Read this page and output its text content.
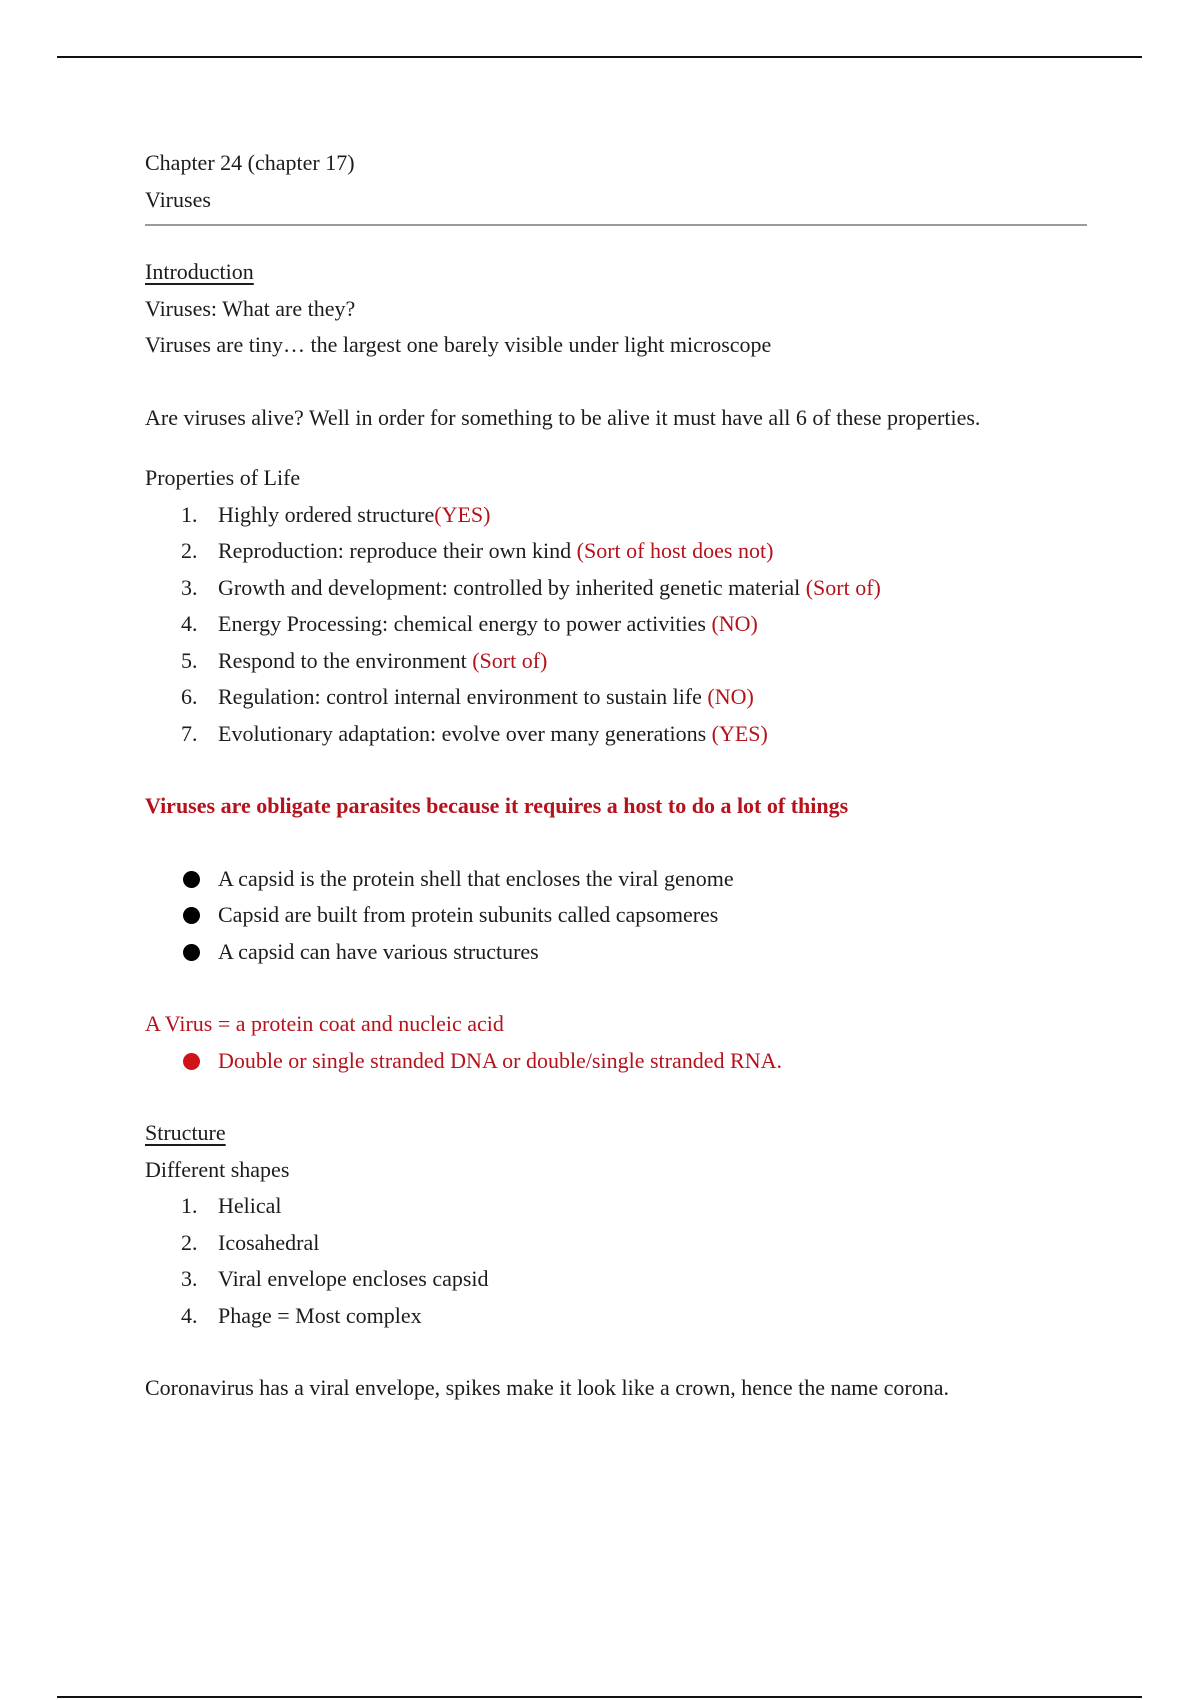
Chapter 24 (chapter 17)

Viruses

Introduction

Viruses: What are they?

Viruses are tiny… the largest one barely visible under light microscope

Are viruses alive? Well in order for something to be alive it must have all 6 of these properties.

Properties of Life

1. Highly ordered structure(YES)
2. Reproduction: reproduce their own kind (Sort of host does not)
3. Growth and development: controlled by inherited genetic material (Sort of)
4. Energy Processing: chemical energy to power activities (NO)
5. Respond to the environment (Sort of)
6. Regulation: control internal environment to sustain life (NO)
7. Evolutionary adaptation: evolve over many generations (YES)

Viruses are obligate parasites because it requires a host to do a lot of things

A capsid is the protein shell that encloses the viral genome
Capsid are built from protein subunits called capsomeres
A capsid can have various structures

A Virus = a protein coat and nucleic acid

Double or single stranded DNA or double/single stranded RNA.

Structure

Different shapes

1. Helical
2. Icosahedral
3. Viral envelope encloses capsid
4. Phage = Most complex

Coronavirus has a viral envelope, spikes make it look like a crown, hence the name corona.
